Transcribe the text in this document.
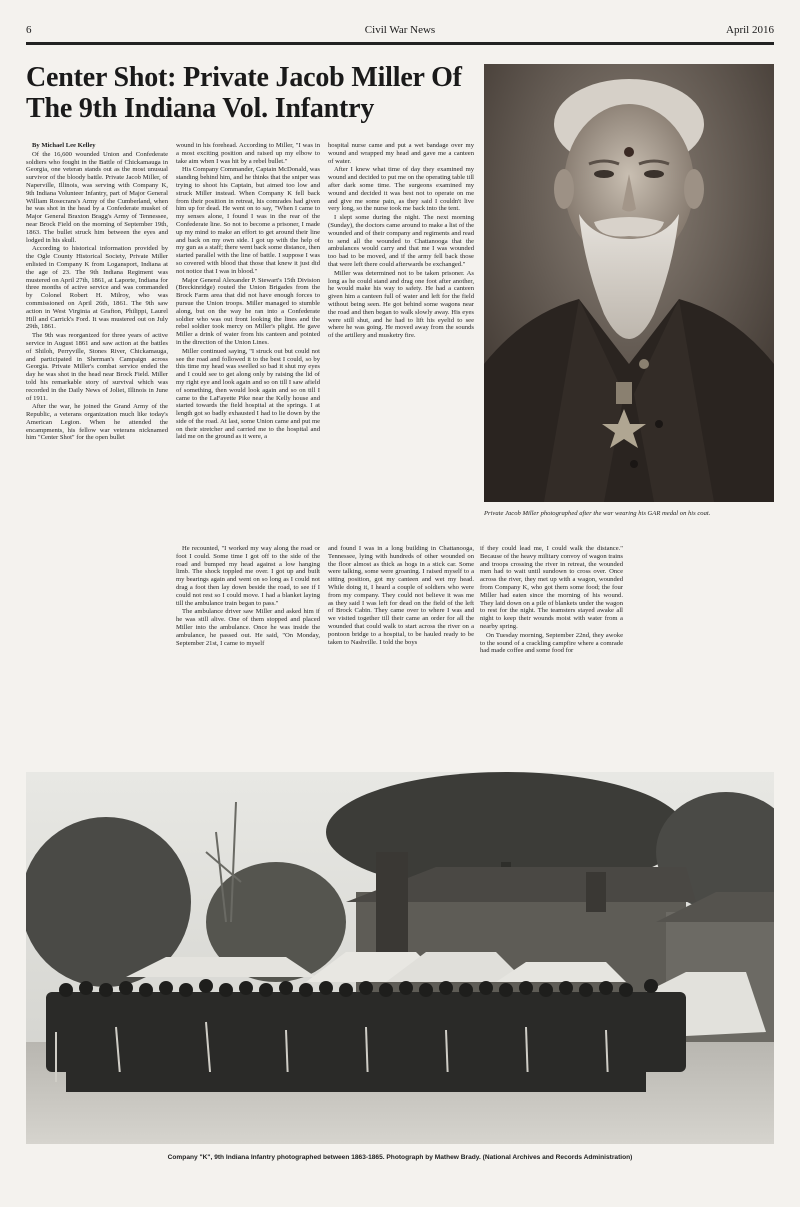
6	Civil War News	April 2016
Center Shot: Private Jacob Miller Of The 9th Indiana Vol. Infantry
By Michael Lee Kelley

Of the 16,600 wounded Union and Confederate soldiers who fought in the Battle of Chickamauga in Georgia, one veteran stands out as the most unusual survivor of the bloody battle. Private Jacob Miller, of Naperville, Illinois, was serving with Company K, 9th Indiana Volunteer Infantry, part of Major General William Rosecrans's Army of the Cumberland, when he was shot in the head by a Confederate musket of Major General Braxton Bragg's Army of Tennessee, near Brock Field on the morning of September 19th, 1863. The bullet struck him between the eyes and lodged in his skull.

According to historical information provided by the Ogle County Historical Society, Private Miller enlisted in Company K from Logansport, Indiana at the age of 23. The 9th Indiana Regiment was mustered on April 27th, 1861, at Laporte, Indiana for three months of active service and was commanded by Colonel Robert H. Milroy, who was commissioned on April 26th, 1861. The 9th saw action in West Virginia at Grafton, Philippi, Laurel Hill and Carrick's Ford. It was mustered out on July 29th, 1861.

The 9th was reorganized for three years of active service in August 1861 and saw action at the battles of Shiloh, Perryville, Stones River, Chickamauga, and participated in Sherman's Campaign across Georgia. Private Miller's combat service ended the day he was shot in the head near Brock Field. Miller told his remarkable story of survival which was recorded in the Daily News of Joliet, Illinois in June of 1911.

After the war, he joined the Grand Army of the Republic, a veterans organization much like today's American Legion. When he attended the encampments, his fellow war veterans nicknamed him "Center Shot" for the open bullet

wound in his forehead. According to Miller, "I was in a most exciting position and raised up my elbow to take aim when I was hit by a rebel bullet."

His Company Commander, Captain McDonald, was standing behind him, and he thinks that the sniper was trying to shoot his Captain, but aimed too low and struck Miller instead. When Company K fell back from their position in retreat, his comrades had given him up for dead. He went on to say, "When I came to my senses alone, I found I was in the rear of the Confederate line. So not to become a prisoner, I made up my mind to make an effort to get around their line and back on my own side. I got up with the help of my gun as a staff; there went back some distance, then started parallel with the line of battle. I suppose I was so covered with blood that those that knew it just did not notice that I was in blood."

Major General Alexander P. Stewart's 15th Division (Breckinridge) routed the Union Brigades from the Brock Farm area that did not have enough forces to pursue the Union troops. Miller managed to stumble along, but on the way he ran into a Confederate soldier who was out front looking the lines and the rebel soldier took mercy on Miller's plight. He gave Miller a drink of water from his canteen and pointed in the direction of the Union Lines.

Miller continued saying, "I struck out but could not see the road and followed it to the best I could, so by this time my head was swelled so bad it shut my eyes and I could see to get along only by raising the lid of my right eye and look again and so on till I saw afield of something, then would look again and so on till I came to the LaFayette Pike near the Kelly house and started towards the field hospital at the springs. I at length got so badly exhausted I had to lie down by the side of the road. At last, some Union came and put me on their stretcher and carried me to the hospital and laid me on the ground as it were, a

hospital nurse came and put a wet bandage over my wound and wrapped my head and gave me a canteen of water.

After I knew what time of day they examined my wound and decided to put me on the operating table till after dark some time. The surgeons examined my wound and decided it was best not to operate on me and give me some pain, as they said I couldn't live very long, so the nurse took me back into the tent.

I slept some during the night. The next morning (Sunday), the doctors came around to make a list of the wounded and of their company and regiments and read to send all the wounded to Chattanooga that the ambulances would carry and that me I was wounded too bad to be moved, and if the army fell back those that were left there could afterwards be exchanged."

Miller was determined not to be taken prisoner. As long as he could stand and drag one foot after another, he would make his way to safety. He had a canteen given him a canteen full of water and left for the field without being seen. He got behind some wagons near the road and then began to walk slowly away. His eyes were still shut, and he had to lift his eyelid to see where he was going. He moved away from the sounds of the artillery and musketry fire.

Private Jacob Miller photographed after the war wearing his GAR medal on his coat.

He recounted, "I worked my way along the road or foot I could. Some time I got off to the side of the road and bumped my head against a low hanging limb. The shock toppled me over. I got up and built my bearings again and went on so long as I could not drag a foot then lay down beside the road, to see if I could not rest so I could move. I had a blanket laying till the ambulance train began to pass."

The ambulance driver saw Miller and asked him if he was still alive. One of them stopped and placed Miller into the ambulance. Once he was inside the ambulance, he passed out. He said, "On Monday, September 21st, I came to myself

and found I was in a long building in Chattanooga, Tennessee, lying with hundreds of other wounded on the floor almost as thick as hogs in a stick car. Some were talking, some were groaning. I raised myself to a sitting position, got my canteen and wet my head. While doing it, I heard a couple of soldiers who were from my company. They could not believe it was me as they said I was left for dead on the field of the left of Brock Cabin. They came over to where I was and we visited together till their came an order for all the wounded that could walk to start across the river on a pontoon bridge to a hospital, to be hauled ready to be taken to Nashville. I told the boys

if they could lead me, I could walk the distance." Because of the heavy military convoy of wagon trains and troops crossing the river in retreat, the wounded men had to wait until sundown to cross over. Once across the river, they met up with a wagon, wounded from Company K, who got them some food; the four Miller had eaten since the morning of his wound. They laid down on a pile of blankets under the wagon to rest for the night. The teamsters stayed awake all night to keep their wounds moist with water from a nearby spring.

On Tuesday morning, September 22nd, they awoke to the sound of a crackling campfire where a comrade had made coffee and some food for

Company "K", 9th Indiana Infantry photographed between 1863-1865. Photograph by Mathew Brady. (National Archives and Records Administration)
